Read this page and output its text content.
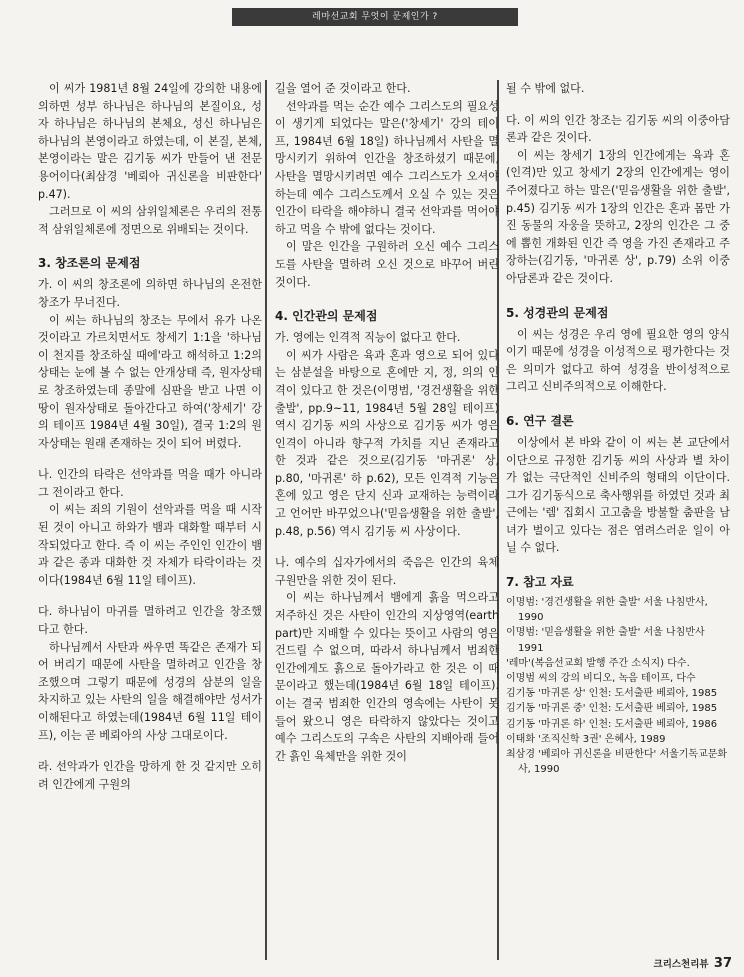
레마선교회 무엇이 문제인가 ?

이 씨가 1981년 8월 24일에 강의한 내용에 의하면 성부 하나님은 하나님의 본질이요, 성자 하나님은 하나님의 본체요, 성신 하나님은 하나님의 본영이라고 하였는데, 이 본질, 본체, 본영이라는 말은 김기동 씨가 만들어 낸 전문용어이다(최삼경 '베뢰아 귀신론을 비판한다' p.47).

그러므로 이 씨의 삼위일체론은 우리의 전통적 삼위일체론에 정면으로 위배되는 것이다.

3. 창조론의 문제점

가. 이 씨의 창조론에 의하면 하나님의 온전한 창조가 무너진다.

이 씨는 하나님의 창조는 무에서 유가 나온 것이라고 가르치면서도 창세기 1:1을 '하나님이 천지를 창조하실 때에'라고 해석하고 1:2의 상태는 눈에 볼 수 없는 안개상태 즉, 원자상태로 창조하였는데 종말에 심판을 받고 나면 이 땅이 원자상태로 돌아간다고 하여('창세기' 강의 테이프 1984년 4월 30일), 결국 1:2의 원자상태는 원래 존재하는 것이 되어 버렸다.

나. 인간의 타락은 선악과를 먹을 때가 아니라 그 전이라고 한다.

이 씨는 죄의 기원이 선악과를 먹을 때 시작된 것이 아니고 하와가 뱀과 대화할 때부터 시작되었다고 한다. 즉 이 씨는 주인인 인간이 뱀과 같은 종과 대화한 것 자체가 타락이라는 것이다(1984년 6월 11일 테이프).

다. 하나님이 마귀를 멸하려고 인간을 창조했다고 한다.

하나님께서 사탄과 싸우면 똑같은 존재가 되어 버리기 때문에 사탄을 멸하려고 인간을 창조했으며 그렇기 때문에 성경의 삼분의 일을 차지하고 있는 사탄의 일을 해결해야만 성서가 이해된다고 하였는데(1984년 6월 11일 테이프), 이는 곧 베뢰아의 사상 그대로이다.

라. 선악과가 인간을 망하게 한 것 같지만 오히려 인간에게 구원의

길을 열어 준 것이라고 한다.

선악과를 먹는 순간 예수 그리스도의 필요성이 생기게 되었다는 말은('창세기' 강의 테이프, 1984년 6월 18일) 하나님께서 사탄을 멸망시키기 위하여 인간을 창조하셨기 때문에, 사탄을 멸망시키려면 예수 그리스도가 오셔야 하는데 예수 그리스도께서 오실 수 있는 것은 인간이 타락을 해야하니 결국 선악과를 먹어야 하고 먹을 수 밖에 없다는 것이다.

이 말은 인간을 구원하러 오신 예수 그리스도를 사탄을 멸하려 오신 것으로 바꾸어 버린 것이다.

4. 인간관의 문제점

가. 영에는 인격적 직능이 없다고 한다.

이 씨가 사람은 육과 혼과 영으로 되어 있다는 삼분설을 바탕으로 혼에만 지, 정, 의의 인격이 있다고 한 것은(이명범, '경건생활을 위한 출발', pp.9~11, 1984년 5월 28일 테이프) 역시 김기동 씨의 사상으로 김기동 씨가 영은 인격이 아니라 향구적 가치를 지닌 존재라고 한 것과 같은 것으로(김기동 '마귀론' 상, p.80, '마귀론' 하 p.62), 모든 인격적 기능은 혼에 있고 영은 단지 신과 교재하는 능력이라고 언어만 바꾸었으나('믿음생활을 위한 출발', p.48, p.56) 역시 김기동 씨 사상이다.

나. 예수의 십자가에서의 죽음은 인간의 육체 구원만을 위한 것이 된다.

이 씨는 하나님께서 뱀에게 흙을 먹으라고 저주하신 것은 사탄이 인간의 지상영역(earth part)만 지배할 수 있다는 뜻이고 사람의 영은 건드릴 수 없으며, 따라서 하나님께서 범죄한 인간에게도 흙으로 돌아가라고 한 것은 이 때문이라고 했는데(1984년 6월 18일 테이프). 이는 결국 범죄한 인간의 영속에는 사탄이 못들어 왔으니 영은 타락하지 않았다는 것이고 예수 그리스도의 구속은 사탄의 지배아래 들어간 흙인 육체만을 위한 것이

될 수 밖에 없다.

다. 이 씨의 인간 창조는 김기동 씨의 이중아담론과 같은 것이다.

이 씨는 창세기 1장의 인간에게는 육과 혼(인격)만 있고 창세기 2장의 인간에게는 영이 주어졌다고 하는 말은('믿음생활을 위한 출발', p.45) 김기동 씨가 1장의 인간은 혼과 몸만 가진 동물의 자웅을 뜻하고, 2장의 인간은 그 중에 뽑힌 개화된 인간 즉 영을 가진 존재라고 주장하는(김기동, '마귀론 상', p.79) 소위 이중아담론과 같은 것이다.

5. 성경관의 문제점

이 씨는 성경은 우리 영에 필요한 영의 양식이기 때문에 성경을 이성적으로 평가한다는 것은 의미가 없다고 하여 성경을 반이성적으로 그리고 신비주의적으로 이해한다.

6. 연구 결론

이상에서 본 바와 같이 이 씨는 본 교단에서 이단으로 규정한 김기동 씨의 사상과 별 차이가 없는 극단적인 신비주의 형태의 이단이다. 그가 김기동식으로 축사행위를 하였던 것과 최근에는 '렘' 집회시 고고춤을 방불할 춤판을 남녀가 벌이고 있다는 점은 염려스러운 일이 아닐 수 없다.

7. 참고 자료
이명범: '경건생활을 위한 출발' 서울 나침반사, 1990
이명범: '믿음생활을 위한 출발' 서울 나침반사 1991
'레마'(복음선교회 발행 주간 소식지) 다수.
이명범 씨의 강의 비디오, 녹음 테이프, 다수
김기동 '마귀론 상' 인천: 도서출판 베뢰아, 1985
김기동 '마귀론 중' 인천: 도서출판 베뢰아, 1985
김기동 '마귀론 하' 인천: 도서출판 베뢰아, 1986
이태화 '조직신학 3권' 은혜사, 1989
최삼경 '베뢰아 귀신론을 비판한다' 서울기독교문화사, 1990
크리스천리뷰 37
